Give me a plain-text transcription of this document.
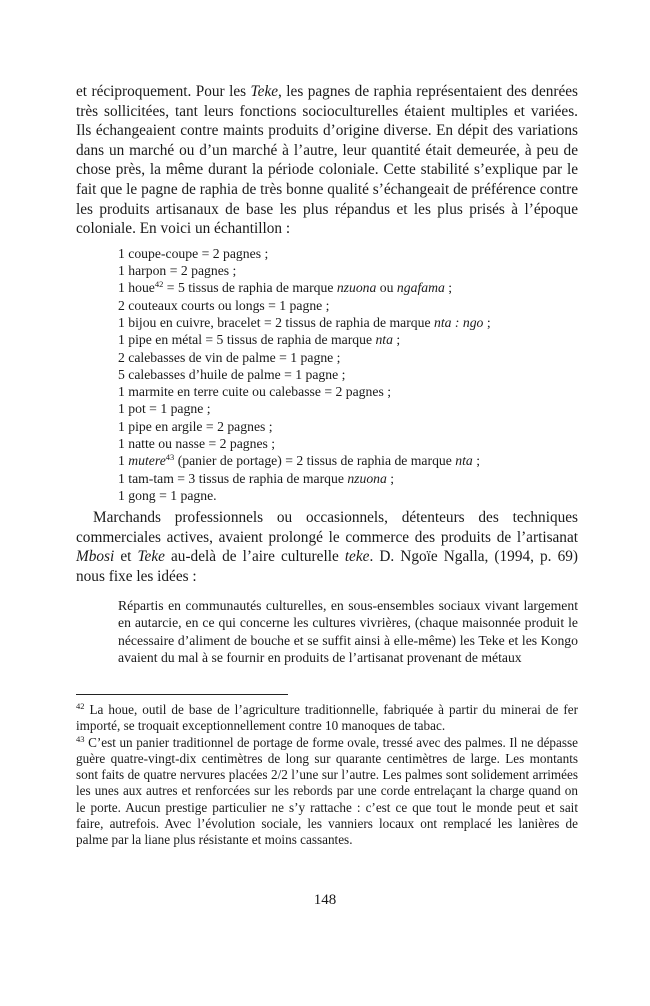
et réciproquement. Pour les Teke, les pagnes de raphia représentaient des denrées très sollicitées, tant leurs fonctions socioculturelles étaient multiples et variées. Ils échangeaient contre maints produits d’origine diverse. En dépit des variations dans un marché ou d’un marché à l’autre, leur quantité était demeurée, à peu de chose près, la même durant la période coloniale. Cette stabilité s’explique par le fait que le pagne de raphia de très bonne qualité s’échangeait de préférence contre les produits artisanaux de base les plus répandus et les plus prisés à l’époque coloniale. En voici un échantillon :

1 coupe-coupe = 2 pagnes ;
1 harpon = 2 pagnes ;
1 houe$^{42}$ = 5 tissus de raphia de marque nzuona ou ngafama ;
2 couteaux courts ou longs = 1 pagne ;
1 bijou en cuivre, bracelet = 2 tissus de raphia de marque nta : ngo ;
1 pipe en métal = 5 tissus de raphia de marque nta ;
2 calebasses de vin de palme = 1 pagne ;
5 calebasses d’huile de palme = 1 pagne ;
1 marmite en terre cuite ou calebasse = 2 pagnes ;
1 pot = 1 pagne ;
1 pipe en argile = 2 pagnes ;
1 natte ou nasse = 2 pagnes ;
1 mutere$^{43}$ (panier de portage) = 2 tissus de raphia de marque nta ;
1 tam-tam = 3 tissus de raphia de marque nzuona ;
1 gong = 1 pagne.

Marchands professionnels ou occasionnels, détenteurs des techniques commerciales actives, avaient prolongé le commerce des produits de l’artisanat Mbosi et Teke au-delà de l’aire culturelle teke. D. Ngoïe Ngalla, (1994, p. 69) nous fixe les idées :

Répartis en communautés culturelles, en sous-ensembles sociaux vivant largement en autarcie, en ce qui concerne les cultures vivrières, (chaque maisonnée produit le nécessaire d’aliment de bouche et se suffit ainsi à elle-même) les Teke et les Kongo avaient du mal à se fournir en produits de l’artisanat provenant de métaux

$^{42}$ La houe, outil de base de l’agriculture traditionnelle, fabriquée à partir du minerai de fer importé, se troquait exceptionnellement contre 10 manoques de tabac.

$^{43}$ C’est un panier traditionnel de portage de forme ovale, tressé avec des palmes. Il ne dépasse guère quatre-vingt-dix centimètres de long sur quarante centimètres de large. Les montants sont faits de quatre nervures placées 2/2 l’une sur l’autre. Les palmes sont solidement arrimées les unes aux autres et renforcées sur les rebords par une corde entrelaçant la charge quand on le porte. Aucun prestige particulier ne s’y rattache : c’est ce que tout le monde peut et sait faire, autrefois. Avec l’évolution sociale, les vanniers locaux ont remplacé les lanières de palme par la liane plus résistante et moins cassantes.

148
